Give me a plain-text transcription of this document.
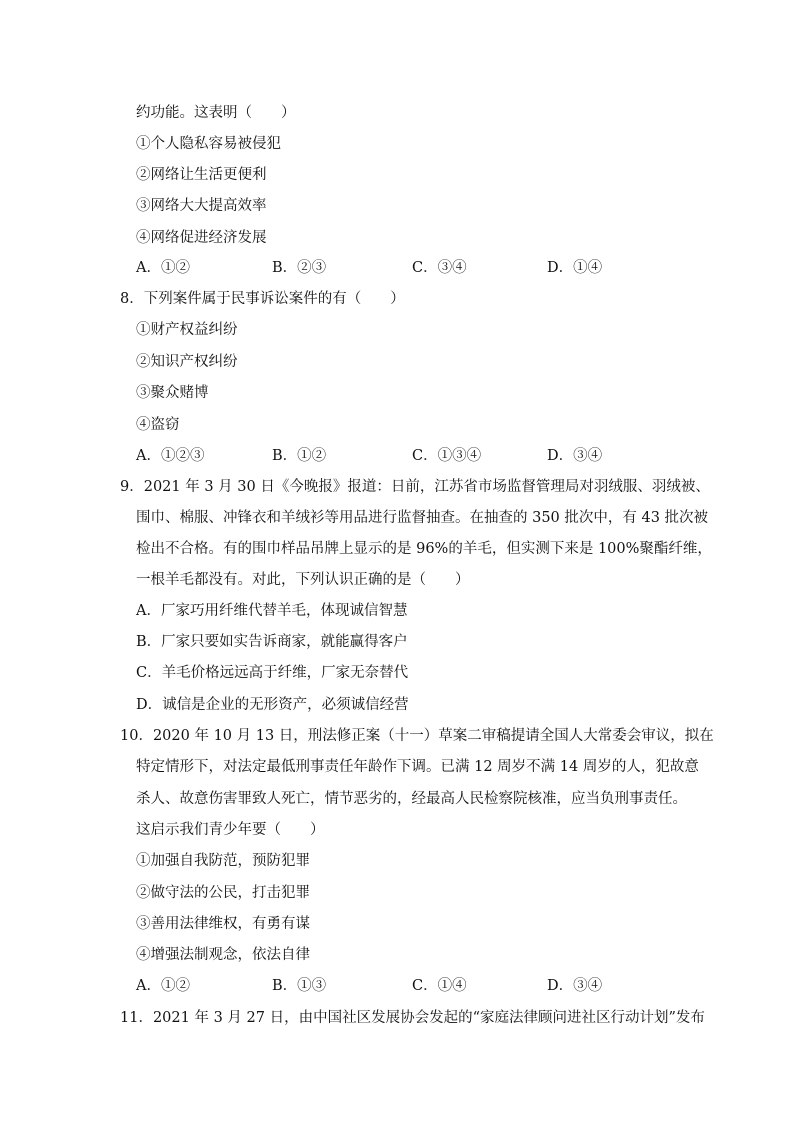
约功能。这表明（　　）
①个人隐私容易被侵犯
②网络让生活更便利
③网络大大提高效率
④网络促进经济发展
A．①②	B．②③	C．③④	D．①④
8．下列案件属于民事诉讼案件的有（　　）
①财产权益纠纷
②知识产权纠纷
③聚众赌博
④盗窃
A．①②③	B．①②	C．①③④	D．③④
9．2021 年 3 月 30 日《今晚报》报道：日前，江苏省市场监督管理局对羽绒服、羽绒被、
围巾、棉服、冲锋衣和羊绒衫等用品进行监督抽查。在抽查的 350 批次中，有 43 批次被
检出不合格。有的围巾样品吊牌上显示的是 96%的羊毛，但实测下来是 100%聚酯纤维，
一根羊毛都没有。对此，下列认识正确的是（　　）
A．厂家巧用纤维代替羊毛，体现诚信智慧
B．厂家只要如实告诉商家，就能赢得客户
C．羊毛价格远远高于纤维，厂家无奈替代
D．诚信是企业的无形资产，必须诚信经营
10．2020 年 10 月 13 日，刑法修正案（十一）草案二审稿提请全国人大常委会审议，拟在
特定情形下，对法定最低刑事责任年龄作下调。已满 12 周岁不满 14 周岁的人，犯故意
杀人、故意伤害罪致人死亡，情节恶劣的，经最高人民检察院核准，应当负刑事责任。
这启示我们青少年要（　　）
①加强自我防范，预防犯罪
②做守法的公民，打击犯罪
③善用法律维权，有勇有谋
④增强法制观念，依法自律
A．①②	B．①③	C．①④	D．③④
11．2021 年 3 月 27 日，由中国社区发展协会发起的“家庭法律顾问进社区行动计划”发布
